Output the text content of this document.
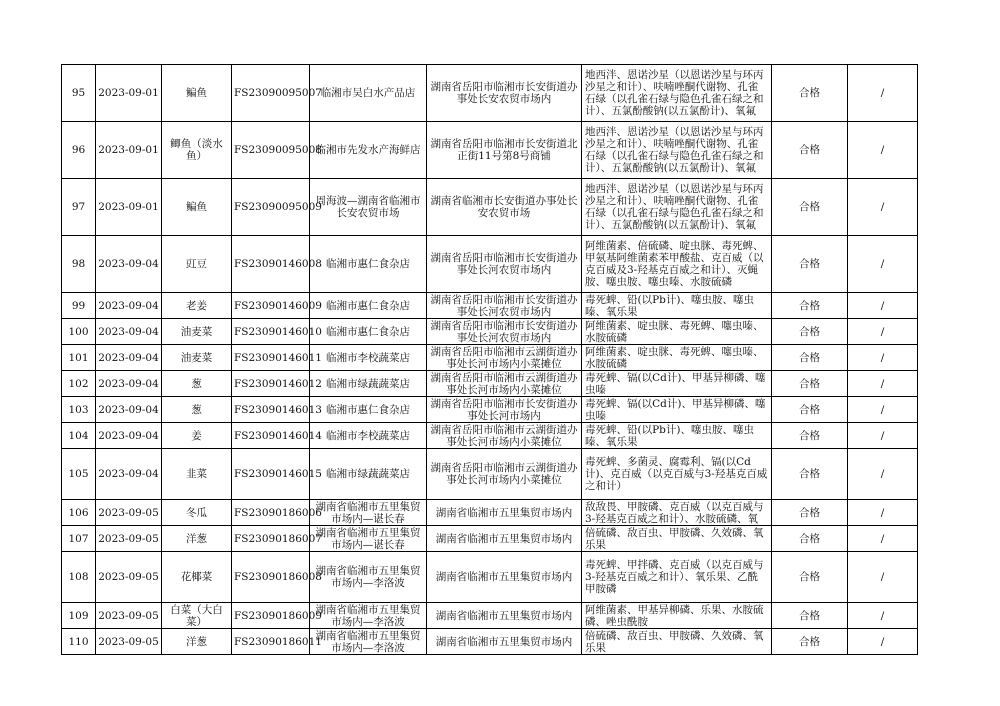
95	2023-09-01	鳊鱼	FS23090095007	临湘市吴白水产品店	湖南省岳阳市临湘市长安街道办事处长安农贸市场内	地西泮、恩诺沙星（以恩诺沙星与环丙沙星之和计）、呋喃唑酮代谢物、孔雀石绿（以孔雀石绿与隐色孔雀石绿之和计）、五氯酚酸钠(以五氯酚计)、氧氟	合格	/

96	2023-09-01	鲫鱼（淡水鱼）	FS23090095008	临湘市先发水产海鲜店	湖南省岳阳市临湘市长安街道北正街11号第8号商铺	地西泮、恩诺沙星（以恩诺沙星与环丙沙星之和计）、呋喃唑酮代谢物、孔雀石绿（以孔雀石绿与隐色孔雀石绿之和计）、五氯酚酸钠(以五氯酚计)、氧氟	合格	/

97	2023-09-01	鳊鱼	FS23090095009	周海波—湖南省临湘市长安农贸市场	湖南省临湘市长安街道办事处长安农贸市场	地西泮、恩诺沙星（以恩诺沙星与环丙沙星之和计）、呋喃唑酮代谢物、孔雀石绿（以孔雀石绿与隐色孔雀石绿之和计）、五氯酚酸钠(以五氯酚计)、氧氟	合格	/

98	2023-09-04	豇豆	FS23090146008	临湘市惠仁食杂店	湖南省岳阳市临湘市长安街道办事处长河农贸市场内	阿维菌素、倍硫磷、啶虫脒、毒死蜱、甲氨基阿维菌素苯甲酸盐、克百威（以克百威及3-羟基克百威之和计）、灭蝇胺、噻虫胺、噻虫嗪、水胺硫磷	合格	/

99	2023-09-04	老姜	FS23090146009	临湘市惠仁食杂店	湖南省岳阳市临湘市长安街道办事处长河农贸市场内	毒死蜱、铅(以Pb计)、噻虫胺、噻虫嗪、氧乐果	合格	/

100	2023-09-04	油麦菜	FS23090146010	临湘市惠仁食杂店	湖南省岳阳市临湘市长安街道办事处长河农贸市场内	阿维菌素、啶虫脒、毒死蜱、噻虫嗪、水胺硫磷	合格	/

101	2023-09-04	油麦菜	FS23090146011	临湘市李校蔬菜店	湖南省岳阳市临湘市云湖街道办事处长河市场内小菜摊位	阿维菌素、啶虫脒、毒死蜱、噻虫嗪、水胺硫磷	合格	/

102	2023-09-04	葱	FS23090146012	临湘市绿蔬蔬菜店	湖南省岳阳市临湘市云湖街道办事处长河市场内小菜摊位	毒死蜱、镉(以Cd计)、甲基异柳磷、噻虫嗪	合格	/

103	2023-09-04	葱	FS23090146013	临湘市惠仁食杂店	湖南省岳阳市临湘市长安街道办事处长河市场内	毒死蜱、镉(以Cd计)、甲基异柳磷、噻虫嗪	合格	/

104	2023-09-04	姜	FS23090146014	临湘市李校蔬菜店	湖南省岳阳市临湘市云湖街道办事处长河市场内小菜摊位	毒死蜱、铅(以Pb计)、噻虫胺、噻虫嗪、氧乐果	合格	/

105	2023-09-04	韭菜	FS23090146015	临湘市绿蔬蔬菜店	湖南省岳阳市临湘市云湖街道办事处长河市场内小菜摊位	毒死蜱、多菌灵、腐霉利、镉(以Cd计)、克百威（以克百威与3-羟基克百威之和计）	合格	/

106	2023-09-05	冬瓜	FS23090186006	湖南省临湘市五里集贸市场内—谌长春	湖南省临湘市五里集贸市场内	敌敌畏、甲胺磷、克百威（以克百威与3-羟基克百威之和计）、水胺硫磷、氧	合格	/

107	2023-09-05	洋葱	FS23090186007	湖南省临湘市五里集贸市场内—谌长春	湖南省临湘市五里集贸市场内	倍硫磷、敌百虫、甲胺磷、久效磷、氧乐果	合格	/

108	2023-09-05	花椰菜	FS23090186008	湖南省临湘市五里集贸市场内—李洛波	湖南省临湘市五里集贸市场内	毒死蜱、甲拌磷、克百威（以克百威与3-羟基克百威之和计）、氧乐果、乙酰甲胺磷	合格	/

109	2023-09-05	白菜（大白菜）	FS23090186009	湖南省临湘市五里集贸市场内—李洛波	湖南省临湘市五里集贸市场内	阿维菌素、甲基异柳磷、乐果、水胺硫磷、唑虫酰胺	合格	/

110	2023-09-05	洋葱	FS23090186011	湖南省临湘市五里集贸市场内—李洛波	湖南省临湘市五里集贸市场内	倍硫磷、敌百虫、甲胺磷、久效磷、氧乐果	合格	/
